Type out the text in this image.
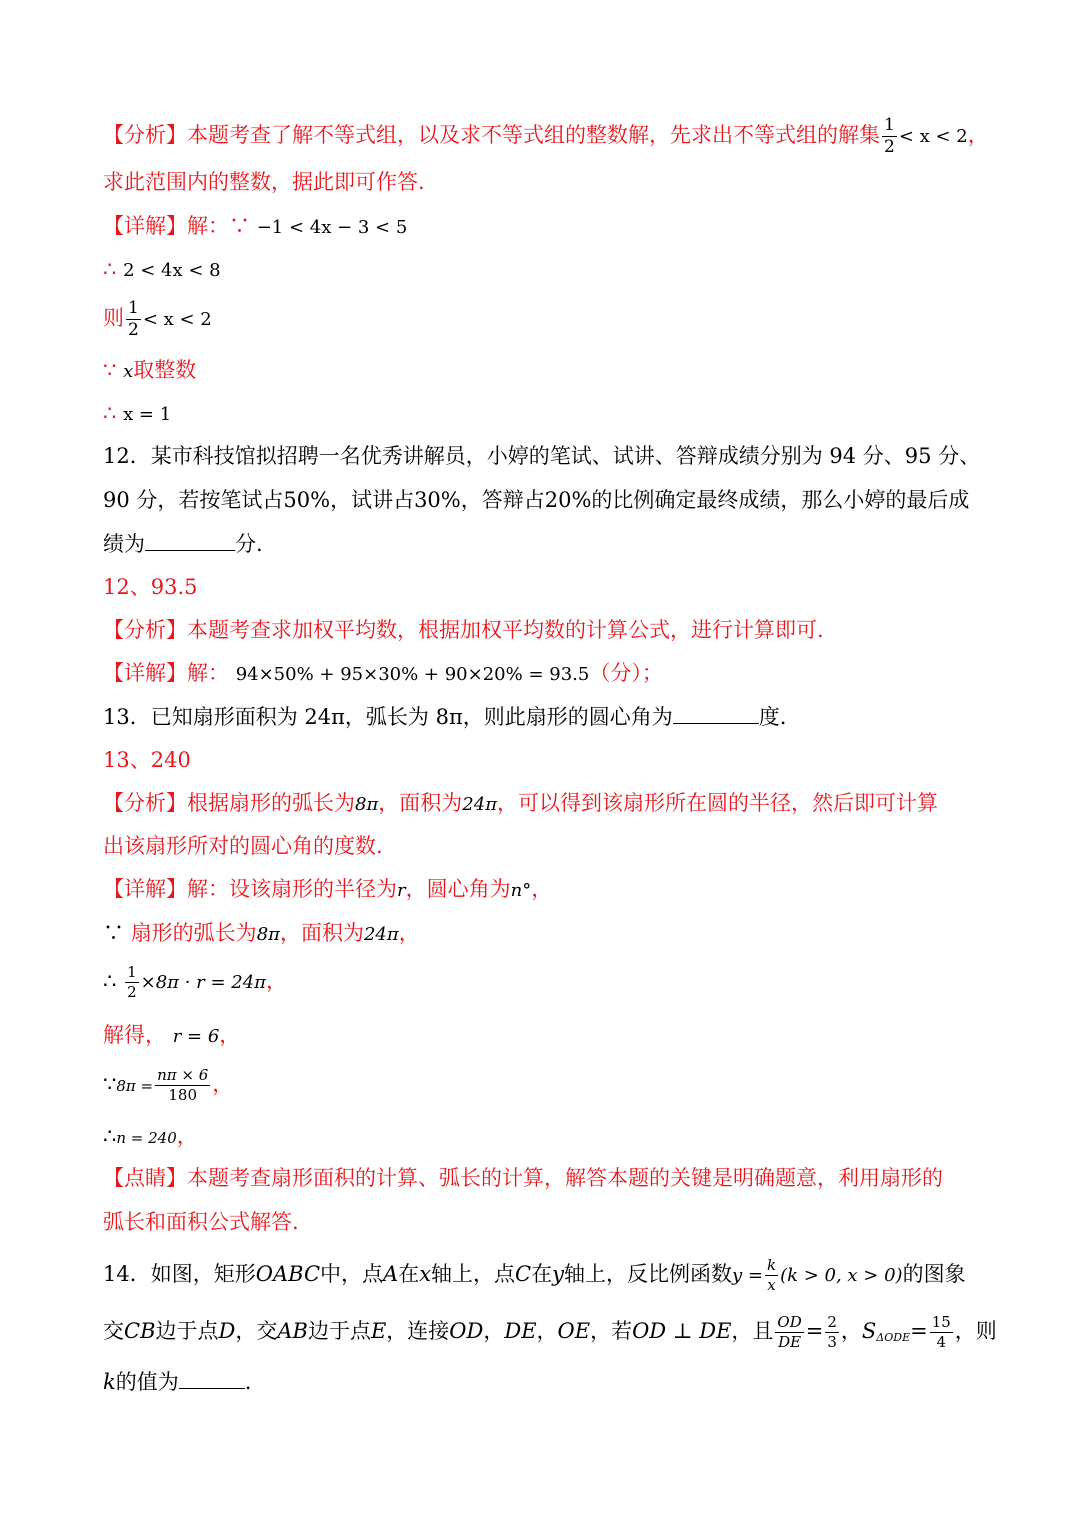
【分析】本题考查了解不等式组，以及求不等式组的整数解，先求出不等式组的解集 $\frac{1}{2} < x < 2$，
求此范围内的整数，据此即可作答.
【详解】解：∵ −1 < 4x − 3 < 5
∴ 2 < 4x < 8
则 $\frac{1}{2} < x < 2$
∵ x取整数
∴ x = 1
12．某市科技馆拟招聘一名优秀讲解员，小婷的笔试、试讲、答辩成绩分别为 94 分、95 分、
90 分，若按笔试占50%，试讲占30%，答辩占20%的比例确定最终成绩，那么小婷的最后成
绩为	分.
12、93.5
【分析】本题考查求加权平均数，根据加权平均数的计算公式，进行计算即可.
【详解】解： 94×50% + 95×30% + 90×20% = 93.5（分）；
13．已知扇形面积为 24π，弧长为 8π，则此扇形的圆心角为	度.
13、240
【分析】根据扇形的弧长为8π，面积为24π，可以得到该扇形所在圆的半径，然后即可计算
出该扇形所对的圆心角的度数.
【详解】解：设该扇形的半径为r，圆心角为n°，
∵ 扇形的弧长为8π，面积为24π，
∴ $\frac{1}{2} \times 8\pi \cdot r = 24\pi$，
解得， r = 6，
∵8π = $\frac{n\pi \times 6}{180}$ ，
∴n = 240，
【点睛】本题考查扇形面积的计算、弧长的计算，解答本题的关键是明确题意，利用扇形的
弧长和面积公式解答.
14．如图，矩形OABC中，点A在x轴上，点C在y轴上，反比例函数$y = \frac{k}{x} (k > 0$, x > 0)的图象
交CB边于点D，交AB边于点E，连接OD，DE，OE，若OD ⊥ DE，且 $\frac{OD}{DE} = \frac{2}{3}$ ，$S_{\Delta ODE}= \frac{15}{4}$ ，则
k的值为	.
